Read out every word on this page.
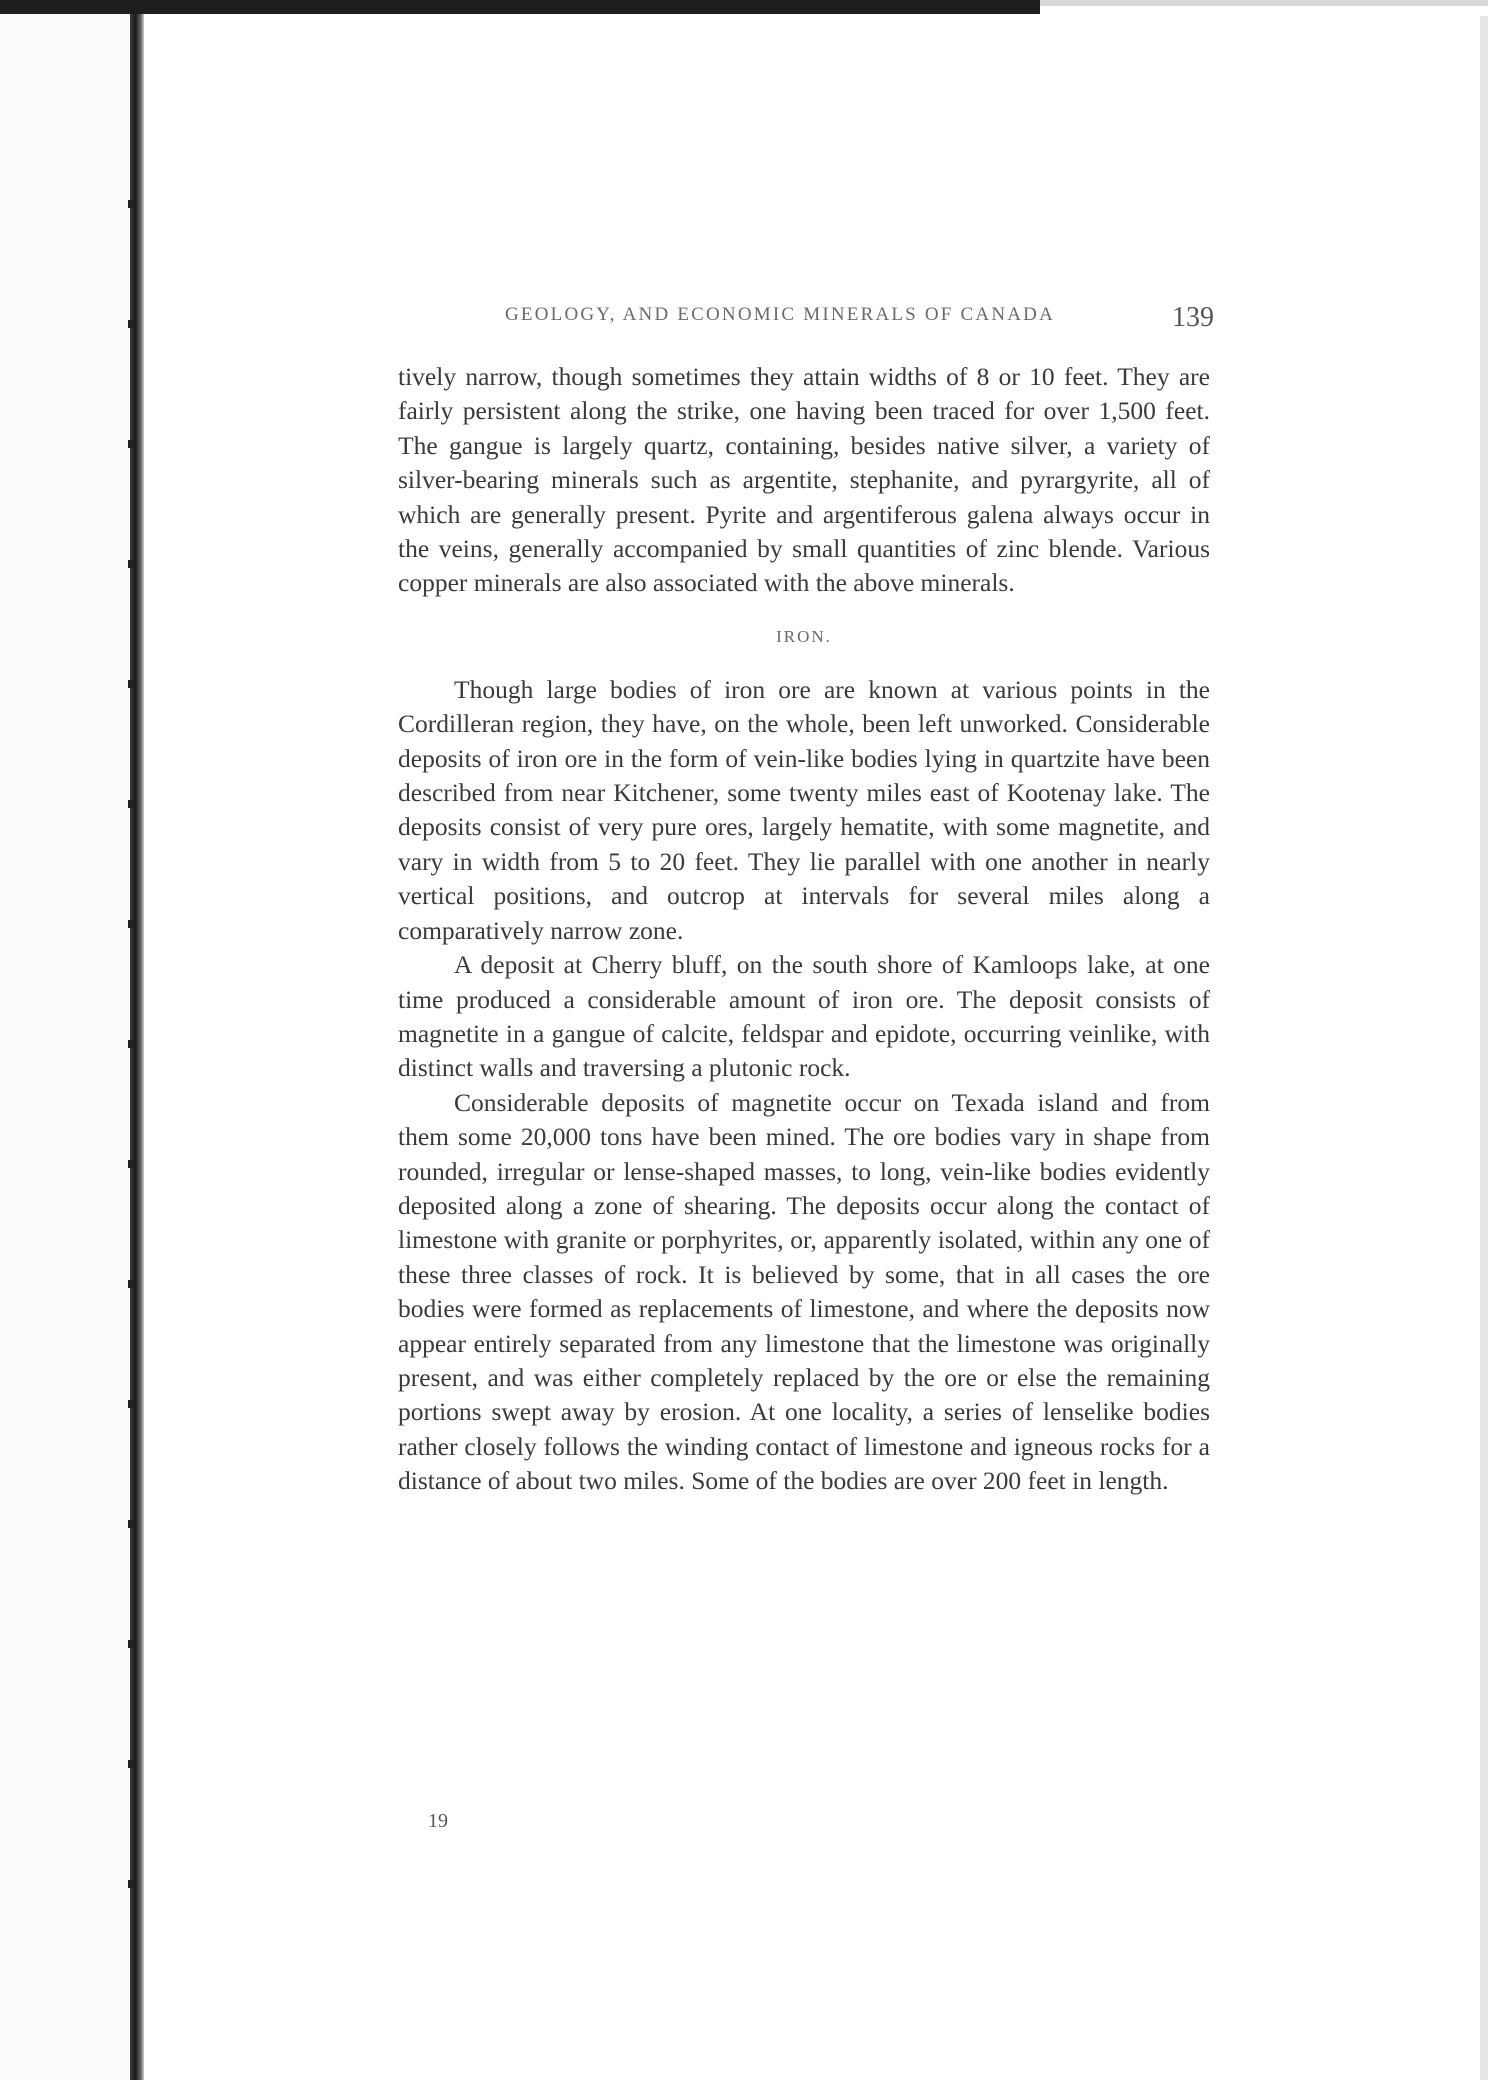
GEOLOGY, AND ECONOMIC MINERALS OF CANADA	139

tively narrow, though sometimes they attain widths of 8 or 10 feet. They are fairly persistent along the strike, one having been traced for over 1,500 feet. The gangue is largely quartz, containing, besides native silver, a variety of silver-bearing minerals such as argentite, stephanite, and pyrargyrite, all of which are generally present. Pyrite and argentiferous galena always occur in the veins, generally accompanied by small quantities of zinc blende. Various copper minerals are also associated with the above minerals.

IRON.

Though large bodies of iron ore are known at various points in the Cordilleran region, they have, on the whole, been left unworked. Considerable deposits of iron ore in the form of vein-like bodies lying in quartzite have been described from near Kitchener, some twenty miles east of Kootenay lake. The deposits consist of very pure ores, largely hematite, with some magnetite, and vary in width from 5 to 20 feet. They lie parallel with one another in nearly vertical positions, and outcrop at intervals for several miles along a comparatively narrow zone.

A deposit at Cherry bluff, on the south shore of Kamloops lake, at one time produced a considerable amount of iron ore. The deposit consists of magnetite in a gangue of calcite, feldspar and epidote, occurring veinlike, with distinct walls and traversing a plutonic rock.

Considerable deposits of magnetite occur on Texada island and from them some 20,000 tons have been mined. The ore bodies vary in shape from rounded, irregular or lense-shaped masses, to long, vein-like bodies evidently deposited along a zone of shearing. The deposits occur along the contact of limestone with granite or porphyrites, or, apparently isolated, within any one of these three classes of rock. It is believed by some, that in all cases the ore bodies were formed as replacements of limestone, and where the deposits now appear entirely separated from any limestone that the limestone was originally present, and was either completely replaced by the ore or else the remaining portions swept away by erosion. At one locality, a series of lenselike bodies rather closely follows the winding contact of limestone and igneous rocks for a distance of about two miles. Some of the bodies are over 200 feet in length.

19
